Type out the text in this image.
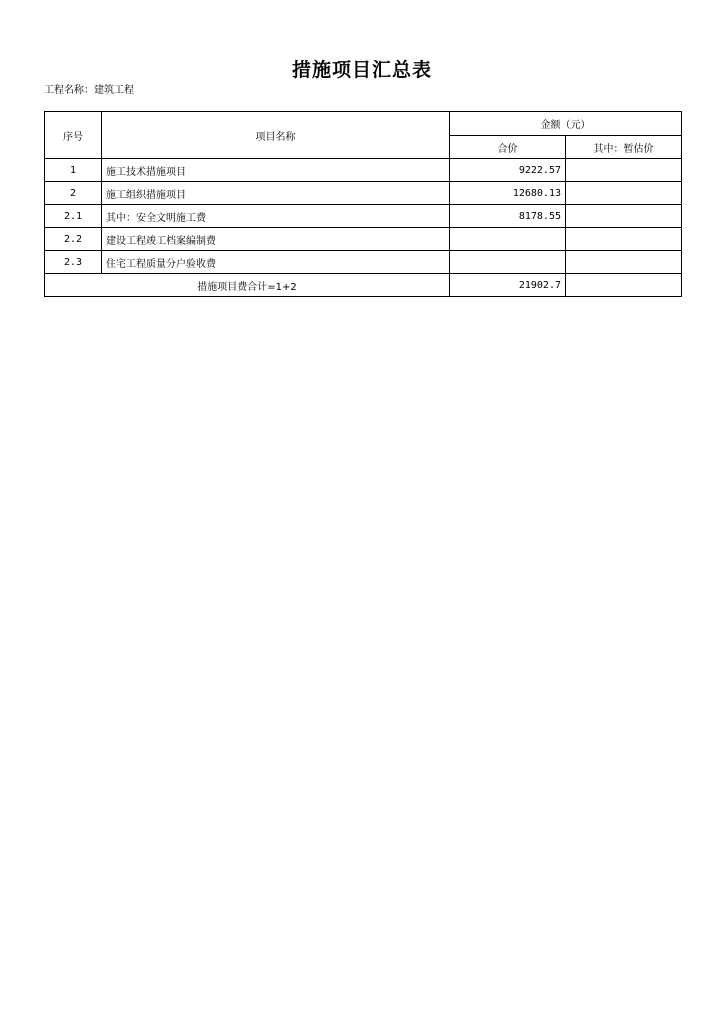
措施项目汇总表
工程名称：建筑工程
序号	项目名称	金额（元）	
		合价	其中：暂估价
1	施工技术措施项目	9222.57	
2	施工组织措施项目	12680.13	
2.1	其中：安全文明施工费	8178.55	
2.2	建设工程竣工档案编制费		
2.3	住宅工程质量分户验收费		
措施项目费合计=1+2		21902.7	
